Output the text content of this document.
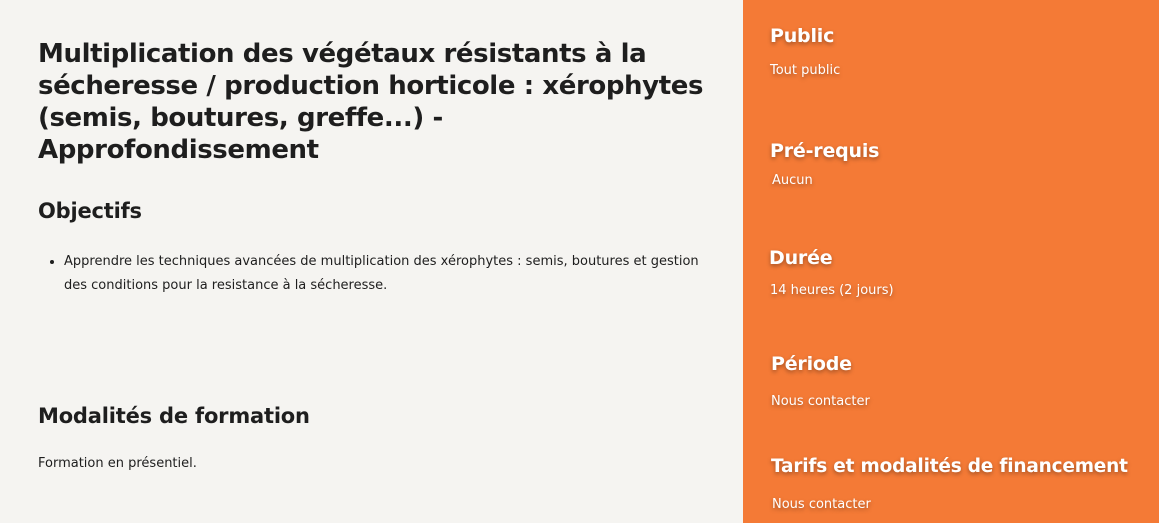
Multiplication des végétaux résistants à la sécheresse / production horticole : xérophytes (semis, boutures, greffe...) - Approfondissement
Objectifs
• Apprendre les techniques avancées de multiplication des xérophytes : semis, boutures et gestion des conditions pour la resistance à la sécheresse.
Modalités de formation

Formation en présentiel.

Public

Tout public

Pré-requis

Aucun

Durée

14 heures (2 jours)

Période

Nous contacter

Tarifs et modalités de financement

Nous contacter
